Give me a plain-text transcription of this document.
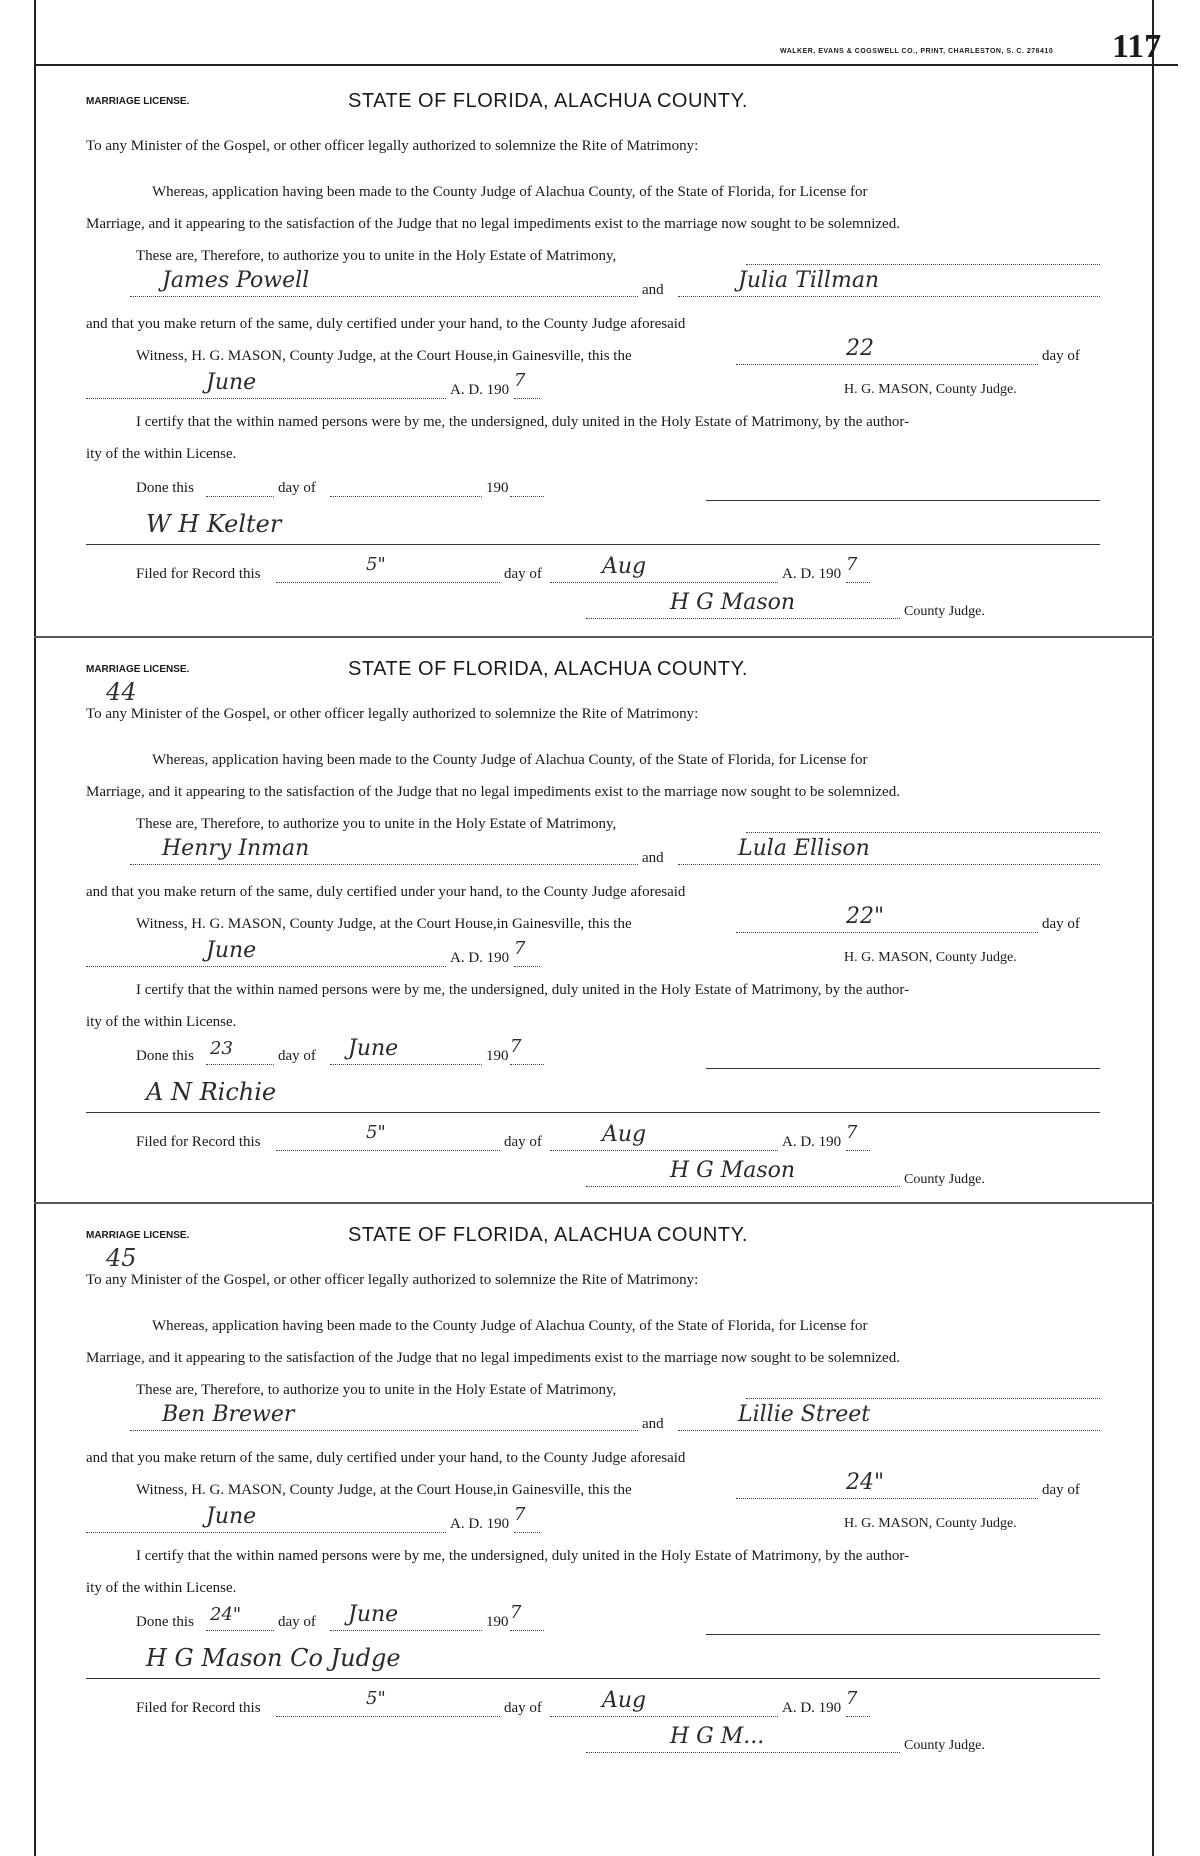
WALKER, EVANS & COGSWELL CO., PRINT, CHARLESTON, S. C. 276410 117
MARRIAGE LICENSE.	STATE OF FLORIDA, ALACHUA COUNTY.
To any Minister of the Gospel, or other officer legally authorized to solemnize the Rite of Matrimony:
Whereas, application having been made to the County Judge of Alachua County, of the State of Florida, for License for
Marriage, and it appearing to the satisfaction of the Judge that no legal impediments exist to the marriage now sought to be solemnized.
These are, Therefore, to authorize you to unite in the Holy Estate of Matrimony,
James Powell	and	Julia Tillman
and that you make return of the same, duly certified under your hand, to the County Judge aforesaid
Witness, H. G. MASON, County Judge, at the Court House,in Gainesville, this the	22	day of
June	A. D. 190 7	H. G. MASON, County Judge.
I certify that the within named persons were by me, the undersigned, duly united in the Holy Estate of Matrimony, by the author-
ity of the within License.
Done this	day of	190
W H Kelter
Filed for Record this	5"	day of	Aug	A. D. 190 7
H G Mason	County Judge.
MARRIAGE LICENSE.	STATE OF FLORIDA, ALACHUA COUNTY.
44
To any Minister of the Gospel, or other officer legally authorized to solemnize the Rite of Matrimony:
Whereas, application having been made to the County Judge of Alachua County, of the State of Florida, for License for
Marriage, and it appearing to the satisfaction of the Judge that no legal impediments exist to the marriage now sought to be solemnized.
These are, Therefore, to authorize you to unite in the Holy Estate of Matrimony,
Henry Inman	and	Lula Ellison
and that you make return of the same, duly certified under your hand, to the County Judge aforesaid
Witness, H. G. MASON, County Judge, at the Court House,in Gainesville, this the	22"	day of
June	A. D. 190 7	H. G. MASON, County Judge.
I certify that the within named persons were by me, the undersigned, duly united in the Holy Estate of Matrimony, by the author-
ity of the within License.
Done this 23	day of June	190 7
A N Richie
Filed for Record this	5"	day of	Aug	A. D. 190 7
H G Mason	County Judge.
MARRIAGE LICENSE.	STATE OF FLORIDA, ALACHUA COUNTY.
45
To any Minister of the Gospel, or other officer legally authorized to solemnize the Rite of Matrimony:
Whereas, application having been made to the County Judge of Alachua County, of the State of Florida, for License for
Marriage, and it appearing to the satisfaction of the Judge that no legal impediments exist to the marriage now sought to be solemnized.
These are, Therefore, to authorize you to unite in the Holy Estate of Matrimony,
Ben Brewer	and	Lillie Street
and that you make return of the same, duly certified under your hand, to the County Judge aforesaid
Witness, H. G. MASON, County Judge, at the Court House,in Gainesville, this the	24"	day of
June	A. D. 190 7	H. G. MASON, County Judge.
I certify that the within named persons were by me, the undersigned, duly united in the Holy Estate of Matrimony, by the author-
ity of the within License.
Done this 24" day of June	190 7
H G Mason Co Judge
Filed for Record this	5"	day of	Aug	A. D. 190 7
H G M...	County Judge.
